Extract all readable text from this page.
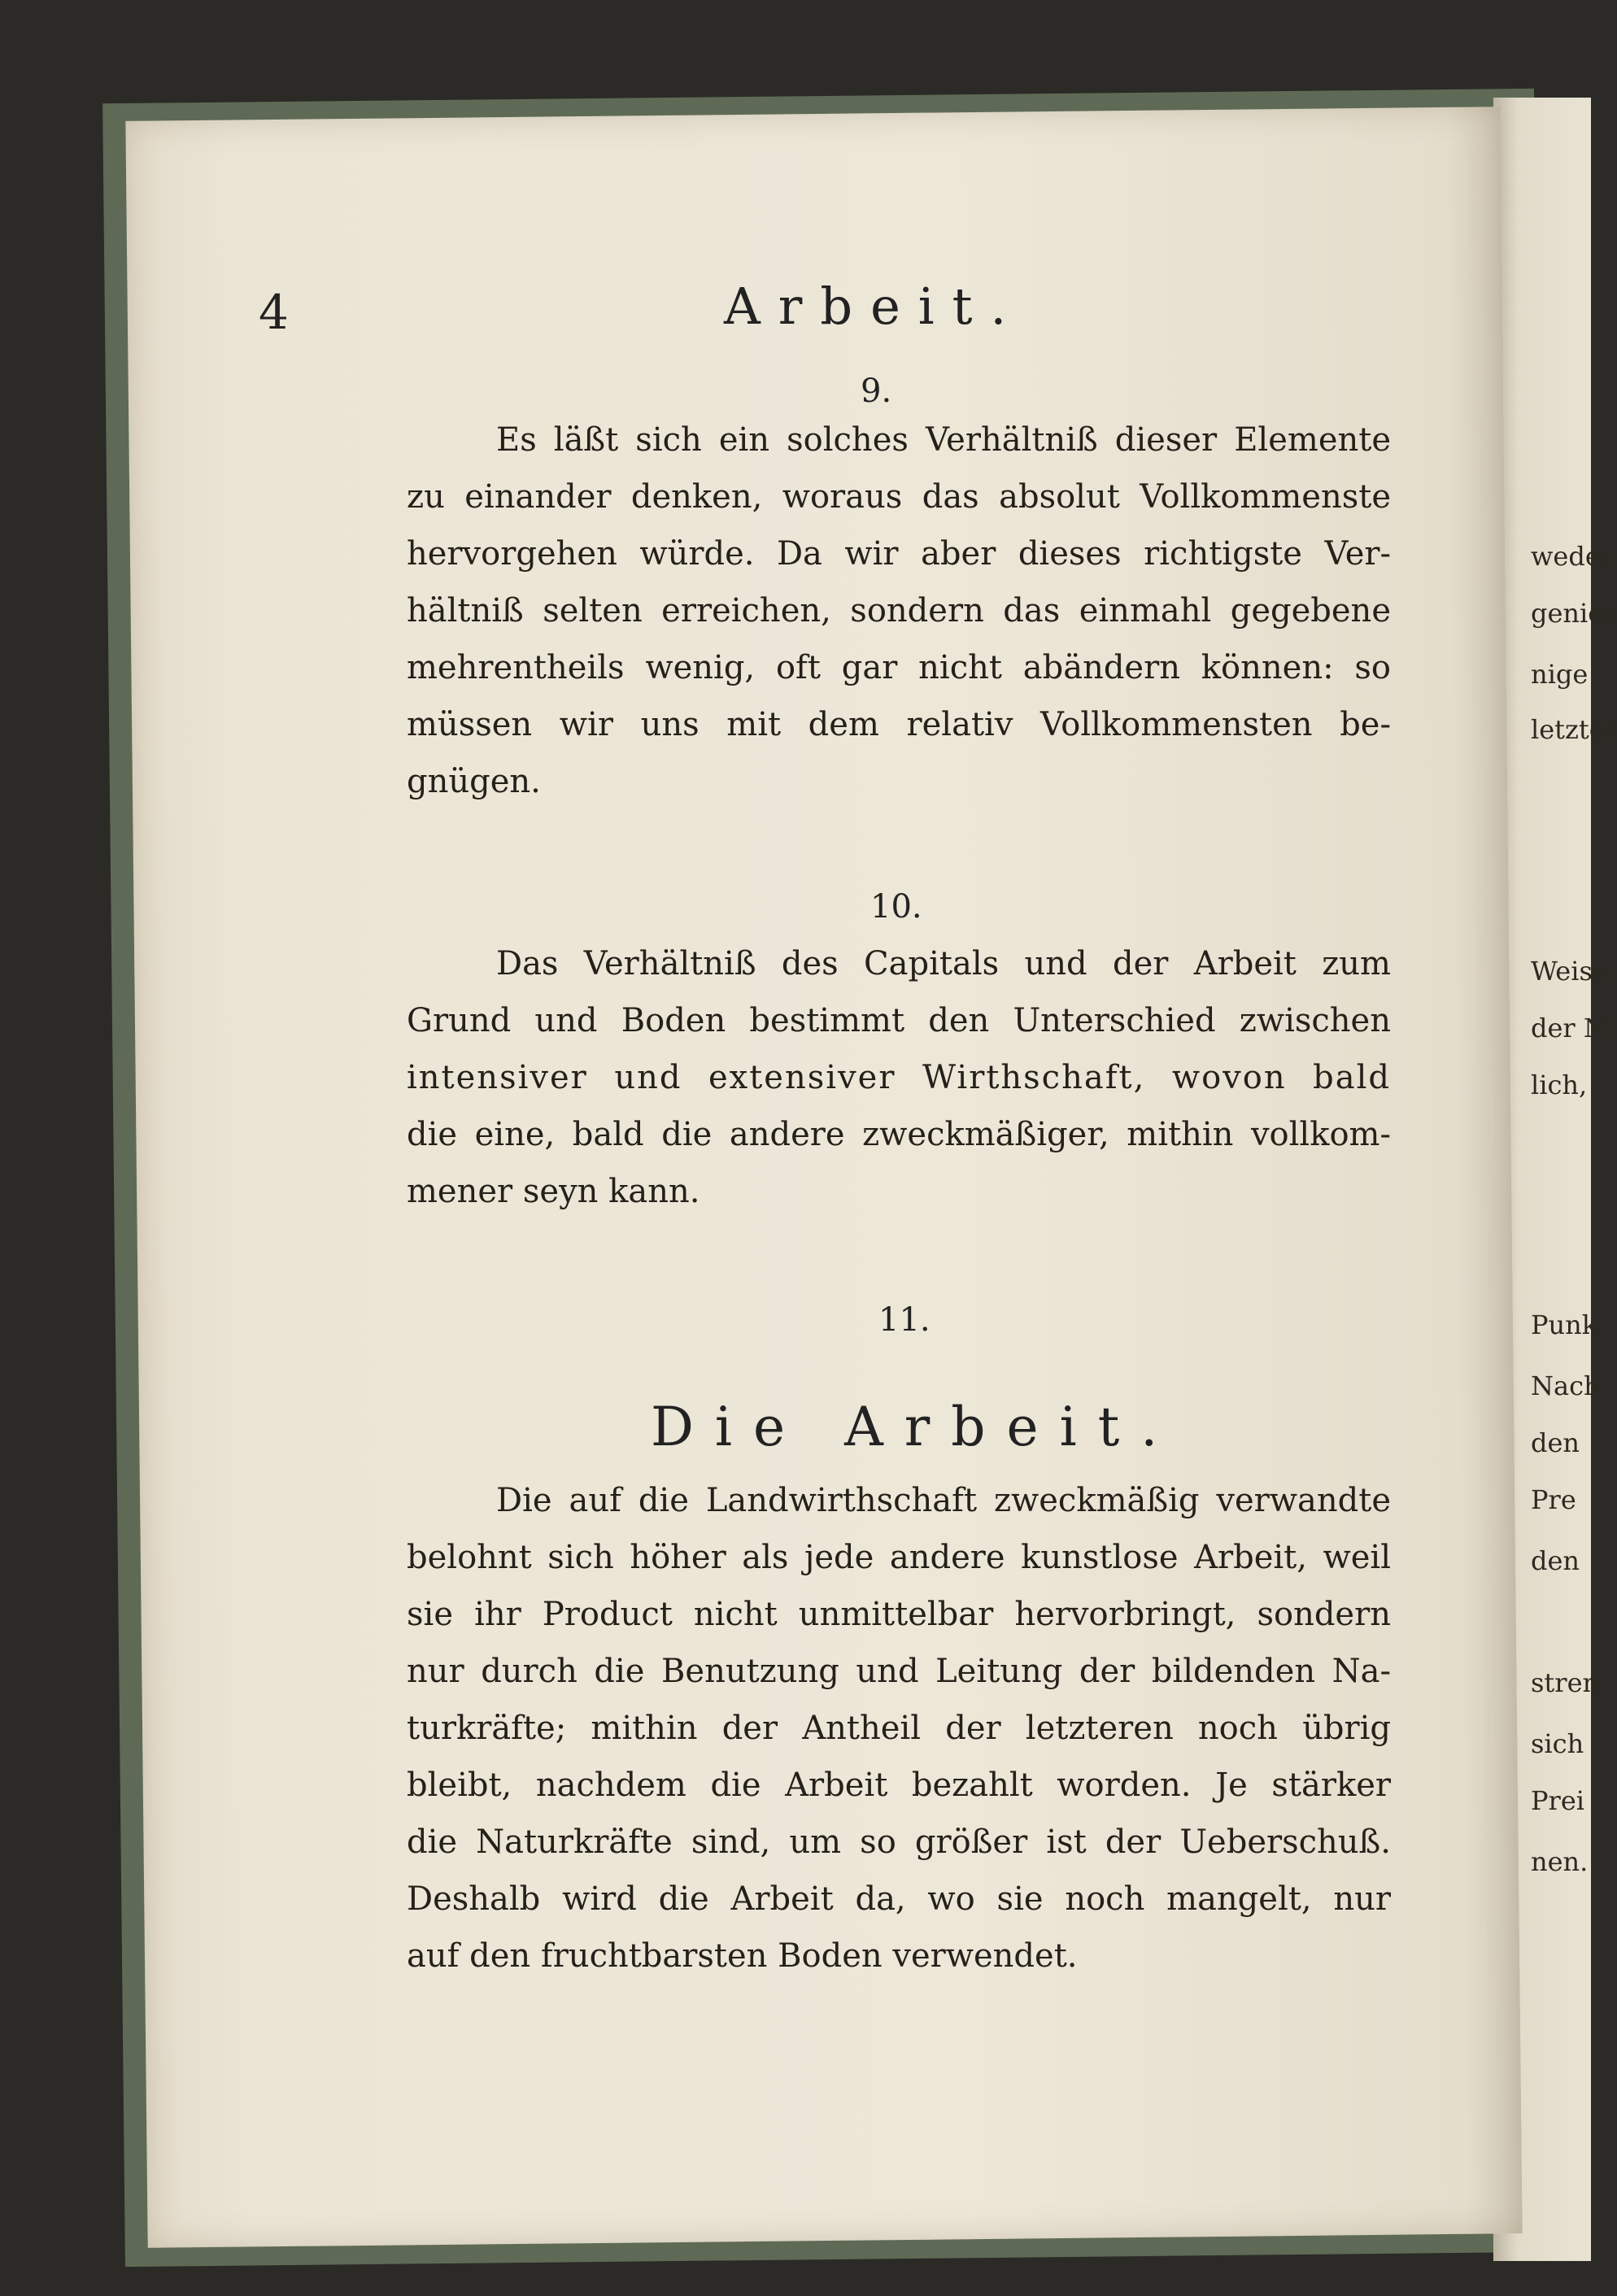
weder
genies
nige
letzter
Weise
der N
lich,
Punk
Nach
den
Pre
den
stren
sich
Prei
nen.
4	Arbeit.
9.
Es läßt sich ein solches Verhältniß dieser Elemente
zu einander denken, woraus das absolut Vollkommenste
hervorgehen würde. Da wir aber dieses richtigste Ver-
hältniß selten erreichen, sondern das einmahl gegebene
mehrentheils wenig, oft gar nicht abändern können: so
müssen wir uns mit dem relativ Vollkommensten be-
gnügen.
10.
Das Verhältniß des Capitals und der Arbeit zum
Grund und Boden bestimmt den Unterschied zwischen
intensiver und extensiver Wirthschaft, wovon bald
die eine, bald die andere zweckmäßiger, mithin vollkom-
mener seyn kann.
11.
Die Arbeit.
Die auf die Landwirthschaft zweckmäßig verwandte
belohnt sich höher als jede andere kunstlose Arbeit, weil
sie ihr Product nicht unmittelbar hervorbringt, sondern
nur durch die Benutzung und Leitung der bildenden Na-
turkräfte; mithin der Antheil der letzteren noch übrig
bleibt, nachdem die Arbeit bezahlt worden. Je stärker
die Naturkräfte sind, um so größer ist der Ueberschuß.
Deshalb wird die Arbeit da, wo sie noch mangelt, nur
auf den fruchtbarsten Boden verwendet.
